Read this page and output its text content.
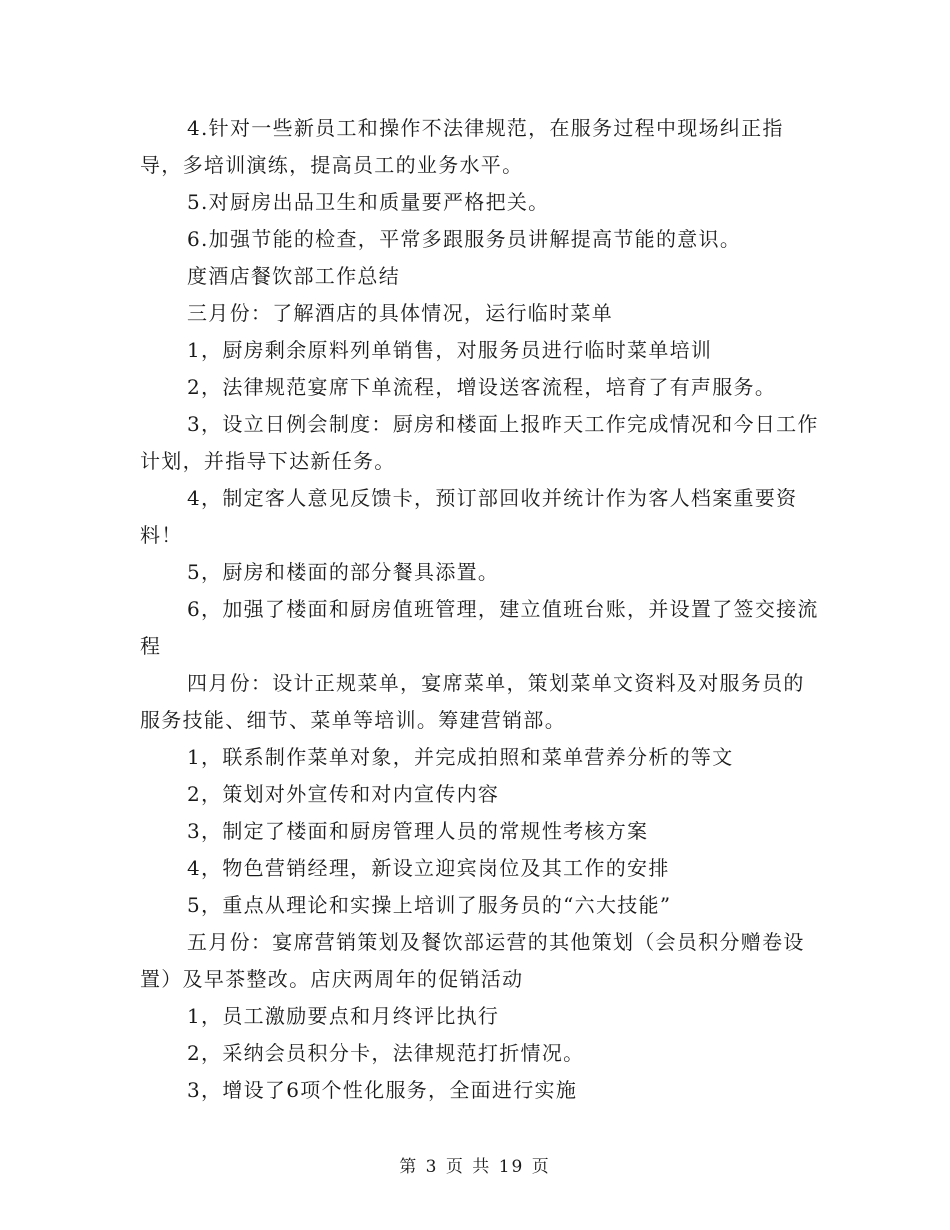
4.针对一些新员工和操作不法律规范，在服务过程中现场纠正指导，多培训演练，提高员工的业务水平。

5.对厨房出品卫生和质量要严格把关。

6.加强节能的检查，平常多跟服务员讲解提高节能的意识。

度酒店餐饮部工作总结

三月份：了解酒店的具体情况，运行临时菜单

1，厨房剩余原料列单销售，对服务员进行临时菜单培训

2，法律规范宴席下单流程，增设送客流程，培育了有声服务。

3，设立日例会制度：厨房和楼面上报昨天工作完成情况和今日工作计划，并指导下达新任务。

4，制定客人意见反馈卡，预订部回收并统计作为客人档案重要资料！

5，厨房和楼面的部分餐具添置。

6，加强了楼面和厨房值班管理，建立值班台账，并设置了签交接流程

四月份：设计正规菜单，宴席菜单，策划菜单文资料及对服务员的服务技能、细节、菜单等培训。筹建营销部。

1，联系制作菜单对象，并完成拍照和菜单营养分析的等文

2，策划对外宣传和对内宣传内容

3，制定了楼面和厨房管理人员的常规性考核方案

4，物色营销经理，新设立迎宾岗位及其工作的安排

5，重点从理论和实操上培训了服务员的“六大技能”

五月份：宴席营销策划及餐饮部运营的其他策划（会员积分赠卷设置）及早茶整改。店庆两周年的促销活动

1，员工激励要点和月终评比执行

2，采纳会员积分卡，法律规范打折情况。

3，增设了6项个性化服务，全面进行实施

第 3 页 共 19 页
